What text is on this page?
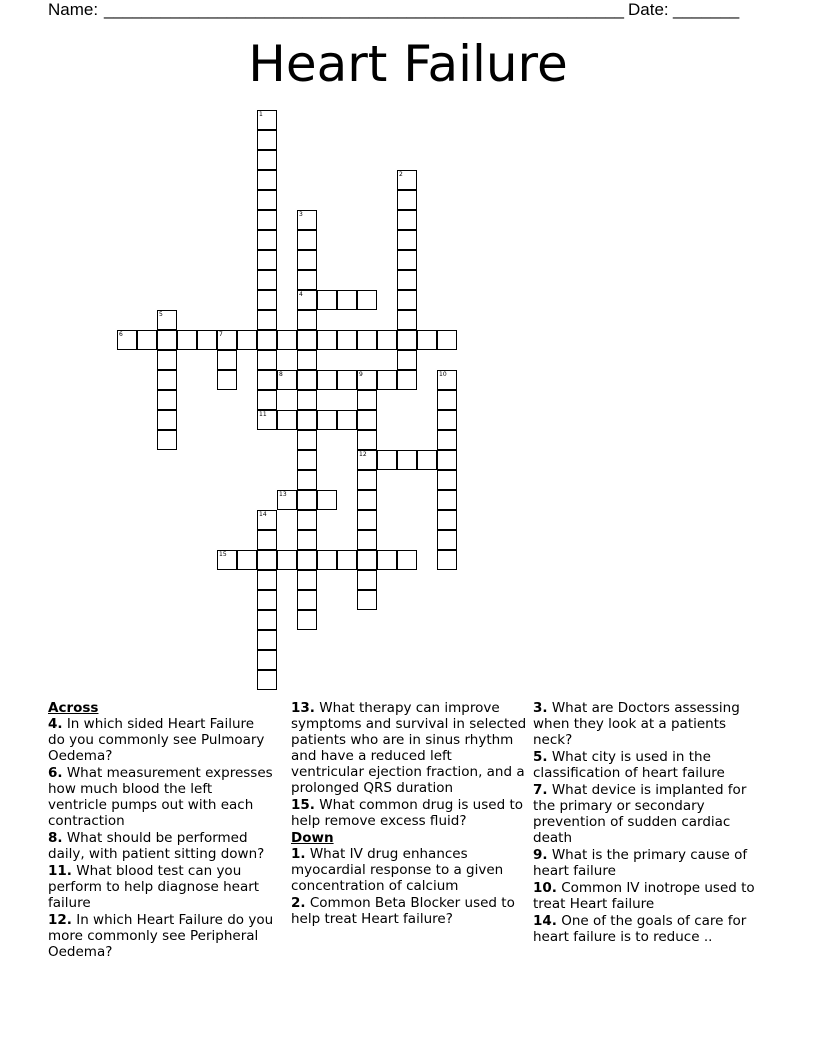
Name: _______________________________________________________ Date: _______
Heart Failure
1
2
3
4
5
6	7
8	9
12
10
11
13
14
15

Across

4. In which sided Heart Failure do you commonly see Pulmoary Oedema?

6. What measurement expresses how much blood the left ventricle pumps out with each contraction

8. What should be performed daily, with patient sitting down?

11. What blood test can you perform to help diagnose heart failure

12. In which Heart Failure do you more commonly see Peripheral Oedema?

13. What therapy can improve symptoms and survival in selected patients who are in sinus rhythm and have a reduced left ventricular ejection fraction, and a prolonged QRS duration

15. What common drug is used to help remove excess fluid?

Down

1. What IV drug enhances myocardial response to a given concentration of calcium

2. Common Beta Blocker used to help treat Heart failure?

3. What are Doctors assessing when they look at a patients neck?

5. What city is used in the classification of heart failure

7. What device is implanted for the primary or secondary prevention of sudden cardiac death

9. What is the primary cause of heart failure

10. Common IV inotrope used to treat Heart failure

14. One of the goals of care for heart failure is to reduce ..
